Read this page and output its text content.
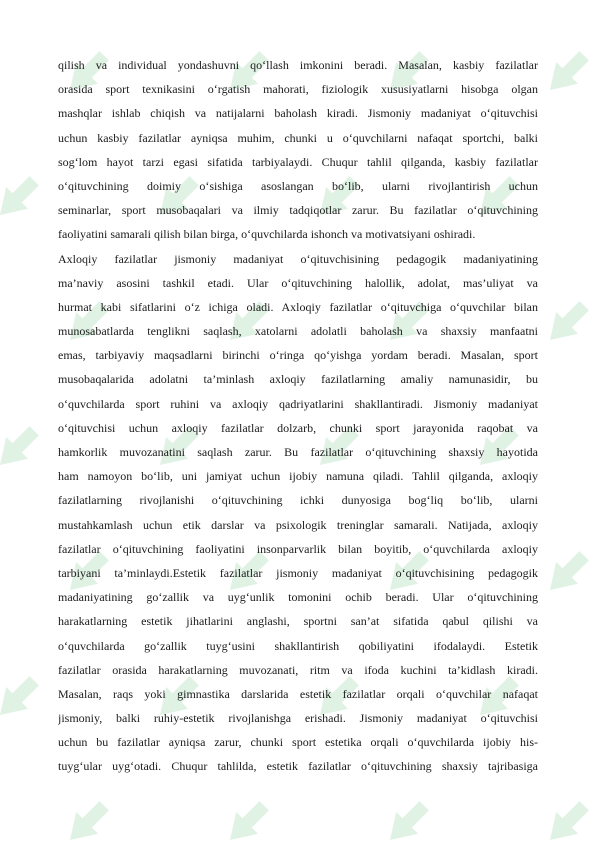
qilish va individual yondashuvni qo‘llash imkonini beradi. Masalan, kasbiy fazilatlar
orasida sport texnikasini o‘rgatish mahorati, fiziologik xususiyatlarni hisobga olgan
mashqlar ishlab chiqish va natijalarni baholash kiradi. Jismoniy madaniyat o‘qituvchisi
uchun kasbiy fazilatlar ayniqsa muhim, chunki u o‘quvchilarni nafaqat sportchi, balki
sog‘lom hayot tarzi egasi sifatida tarbiyalaydi. Chuqur tahlil qilganda, kasbiy fazilatlar
o‘qituvchining doimiy o‘sishiga asoslangan bo‘lib, ularni rivojlantirish uchun
seminarlar, sport musobaqalari va ilmiy tadqiqotlar zarur. Bu fazilatlar o‘qituvchining
faoliyatini samarali qilish bilan birga, o‘quvchilarda ishonch va motivatsiyani oshiradi.
Axloqiy fazilatlar jismoniy madaniyat o‘qituvchisining pedagogik madaniyatining
ma’naviy asosini tashkil etadi. Ular o‘qituvchining halollik, adolat, mas’uliyat va
hurmat kabi sifatlarini o‘z ichiga oladi. Axloqiy fazilatlar o‘qituvchiga o‘quvchilar bilan
munosabatlarda tenglikni saqlash, xatolarni adolatli baholash va shaxsiy manfaatni
emas, tarbiyaviy maqsadlarni birinchi o‘ringa qo‘yishga yordam beradi. Masalan, sport
musobaqalarida adolatni ta’minlash axloqiy fazilatlarning amaliy namunasidir, bu
o‘quvchilarda sport ruhini va axloqiy qadriyatlarini shakllantiradi. Jismoniy madaniyat
o‘qituvchisi uchun axloqiy fazilatlar dolzarb, chunki sport jarayonida raqobat va
hamkorlik muvozanatini saqlash zarur. Bu fazilatlar o‘qituvchining shaxsiy hayotida
ham namoyon bo‘lib, uni jamiyat uchun ijobiy namuna qiladi. Tahlil qilganda, axloqiy
fazilatlarning rivojlanishi o‘qituvchining ichki dunyosiga bog‘liq bo‘lib, ularni
mustahkamlash uchun etik darslar va psixologik treninglar samarali. Natijada, axloqiy
fazilatlar o‘qituvchining faoliyatini insonparvarlik bilan boyitib, o‘quvchilarda axloqiy
tarbiyani ta’minlaydi.Estetik fazilatlar jismoniy madaniyat o‘qituvchisining pedagogik
madaniyatining go‘zallik va uyg‘unlik tomonini ochib beradi. Ular o‘qituvchining
harakatlarning estetik jihatlarini anglashi, sportni san’at sifatida qabul qilishi va
o‘quvchilarda go‘zallik tuyg‘usini shakllantirish qobiliyatini ifodalaydi. Estetik
fazilatlar orasida harakatlarning muvozanati, ritm va ifoda kuchini ta’kidlash kiradi.
Masalan, raqs yoki gimnastika darslarida estetik fazilatlar orqali o‘quvchilar nafaqat
jismoniy, balki ruhiy-estetik rivojlanishga erishadi. Jismoniy madaniyat o‘qituvchisi
uchun bu fazilatlar ayniqsa zarur, chunki sport estetika orqali o‘quvchilarda ijobiy his-
tuyg‘ular uyg‘otadi. Chuqur tahlilda, estetik fazilatlar o‘qituvchining shaxsiy tajribasiga
